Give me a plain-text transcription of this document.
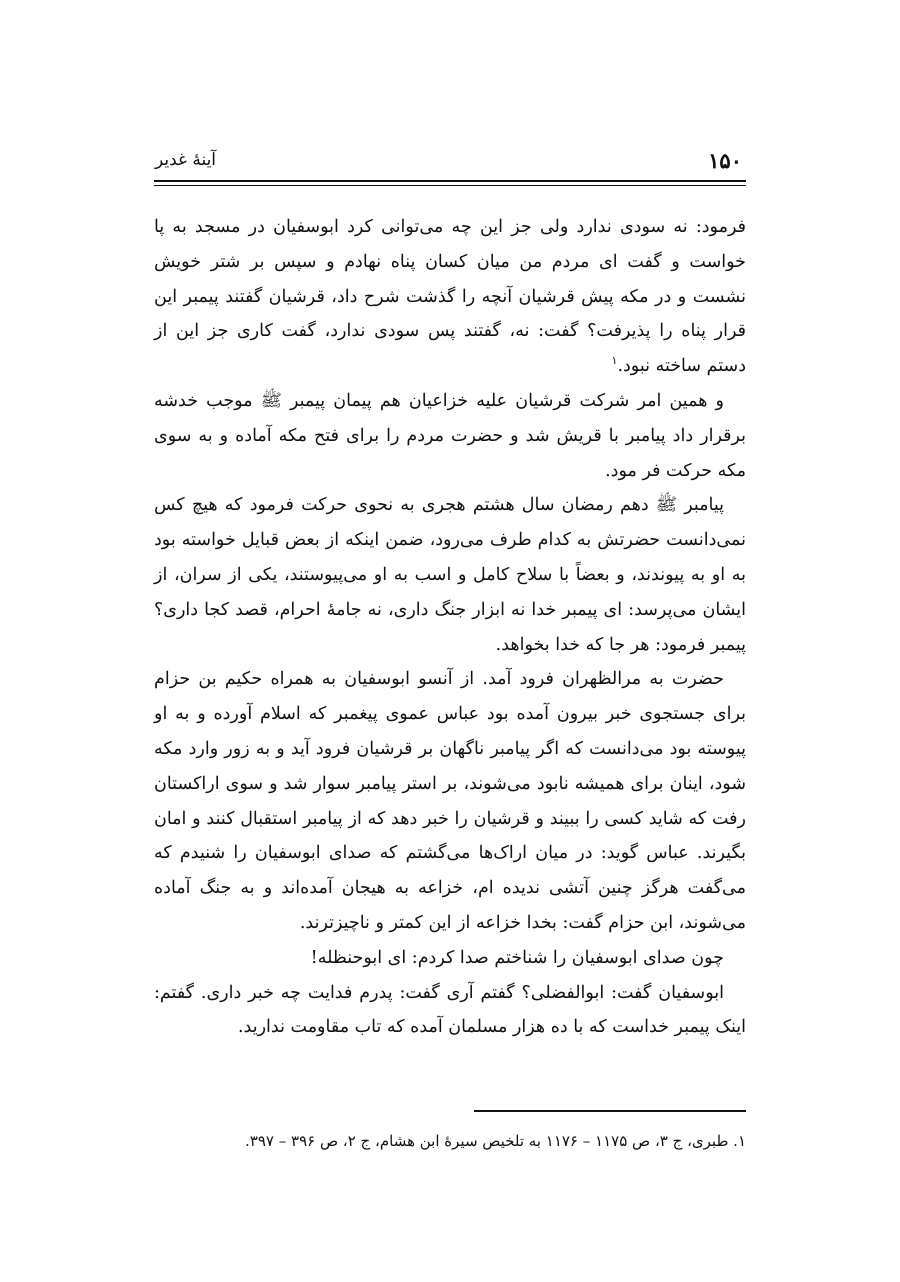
۱۵۰
آینهٔ غدیر

فرمود: نه سودی ندارد ولی جز این چه می‌توانی کرد ابوسفیان در مسجد به پا خواست و گفت ای مردم من میان کسان پناه نهادم و سپس بر شتر خویش نشست و در مکه پیش قرشیان آنچه را گذشت شرح داد، قرشیان گفتند پیمبر این قرار پناه را پذیرفت؟ گفت: نه، گفتند پس سودی ندارد، گفت کاری جز این از دستم ساخته نبود.$^۱$

و همین امر شرکت قرشیان علیه خزاعیان هم پیمان پیمبر ﷺ موجب خدشه برقرار داد پیامبر با قریش شد و حضرت مردم را برای فتح مکه آماده و به سوی مکه حرکت فر مود.

پیامبر ﷺ دهم رمضان سال هشتم هجری به نحوی حرکت فرمود که هیچ کس نمی‌دانست حضرتش به کدام طرف می‌رود، ضمن اینکه از بعض قبایل خواسته بود به او به پیوندند، و بعضاً با سلاح کامل و اسب به او می‌پیوستند، یکی از سران، از ایشان می‌پرسد: ای پیمبر خدا نه ابزار جنگ داری، نه جامهٔ احرام، قصد کجا داری؟ پیمبر فرمود: هر جا که خدا بخواهد.

حضرت به مرالظهران فرود آمد. از آنسو ابوسفیان به همراه حکیم بن حزام برای جستجوی خبر بیرون آمده بود عباس عموی پیغمبر که اسلام آورده و به او پیوسته بود می‌دانست که اگر پیامبر ناگهان بر قرشیان فرود آید و به زور وارد مکه شود، اینان برای همیشه نابود می‌شوند، بر استر پیامبر سوار شد و سوی اراکستان رفت که شاید کسی را ببیند و قرشیان را خبر دهد که از پیامبر استقبال کنند و امان بگیرند. عباس گوید: در میان اراک‌ها می‌گشتم که صدای ابوسفیان را شنیدم که می‌گفت هرگز چنین آتشی ندیده ام، خزاعه به هیجان آمده‌اند و به جنگ آماده می‌شوند، ابن حزام گفت: بخدا خزاعه از این کمتر و ناچیزترند.

چون صدای ابوسفیان را شناختم صدا کردم: ای ابوحنظله!

ابوسفیان گفت: ابوالفضلی؟ گفتم آری گفت: پدرم فدایت چه خبر داری. گفتم: اینک پیمبر خداست که با ده هزار مسلمان آمده که تاب مقاومت ندارید.

۱. طبری، ج ۳، ص ۱۱۷۵ – ۱۱۷۶ به تلخیص سیرهٔ ابن هشام، ج ۲، ص ۳۹۶ – ۳۹۷.
